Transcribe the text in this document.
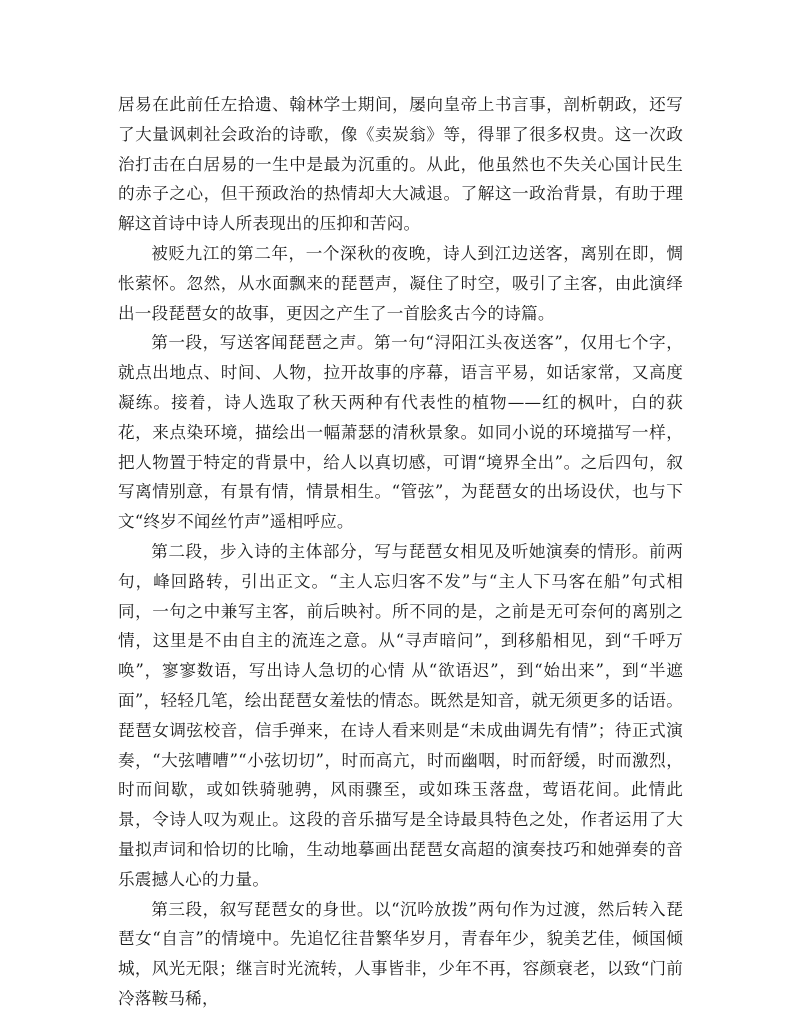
居易在此前任左拾遗、翰林学士期间，屡向皇帝上书言事，剖析朝政，还写了大量讽刺社会政治的诗歌，像《卖炭翁》等，得罪了很多权贵。这一次政治打击在白居易的一生中是最为沉重的。从此，他虽然也不失关心国计民生的赤子之心，但干预政治的热情却大大减退。了解这一政治背景，有助于理解这首诗中诗人所表现出的压抑和苦闷。

被贬九江的第二年，一个深秋的夜晚，诗人到江边送客，离别在即，惆怅萦怀。忽然，从水面飘来的琵琶声，凝住了时空，吸引了主客，由此演绎出一段琵琶女的故事，更因之产生了一首脍炙古今的诗篇。

第一段，写送客闻琵琶之声。第一句“浔阳江头夜送客”，仅用七个字，就点出地点、时间、人物，拉开故事的序幕，语言平易，如话家常，又高度凝练。接着，诗人选取了秋天两种有代表性的植物——红的枫叶，白的荻花，来点染环境，描绘出一幅萧瑟的清秋景象。如同小说的环境描写一样，把人物置于特定的背景中，给人以真切感，可谓“境界全出”。之后四句，叙写离情别意，有景有情，情景相生。“管弦”，为琵琶女的出场设伏，也与下文“终岁不闻丝竹声”遥相呼应。

第二段，步入诗的主体部分，写与琵琶女相见及听她演奏的情形。前两句，峰回路转，引出正文。“主人忘归客不发”与“主人下马客在船”句式相同，一句之中兼写主客，前后映衬。所不同的是，之前是无可奈何的离别之情，这里是不由自主的流连之意。从“寻声暗问”，到移船相见，到“千呼万唤”，寥寥数语，写出诗人急切的心情 从“欲语迟”，到“始出来”，到“半遮面”，轻轻几笔，绘出琵琶女羞怯的情态。既然是知音，就无须更多的话语。琵琶女调弦校音，信手弹来，在诗人看来则是“未成曲调先有情”；待正式演奏，“大弦嘈嘈”“小弦切切”，时而高亢，时而幽咽，时而舒缓，时而激烈，时而间歇，或如铁骑驰骋，风雨骤至，或如珠玉落盘，莺语花间。此情此景，令诗人叹为观止。这段的音乐描写是全诗最具特色之处，作者运用了大量拟声词和恰切的比喻，生动地摹画出琵琶女高超的演奏技巧和她弹奏的音乐震撼人心的力量。

第三段，叙写琵琶女的身世。以“沉吟放拨”两句作为过渡，然后转入琵琶女“自言”的情境中。先追忆往昔繁华岁月，青春年少，貌美艺佳，倾国倾城，风光无限；继言时光流转，人事皆非，少年不再，容颜衰老，以致“门前冷落鞍马稀，
